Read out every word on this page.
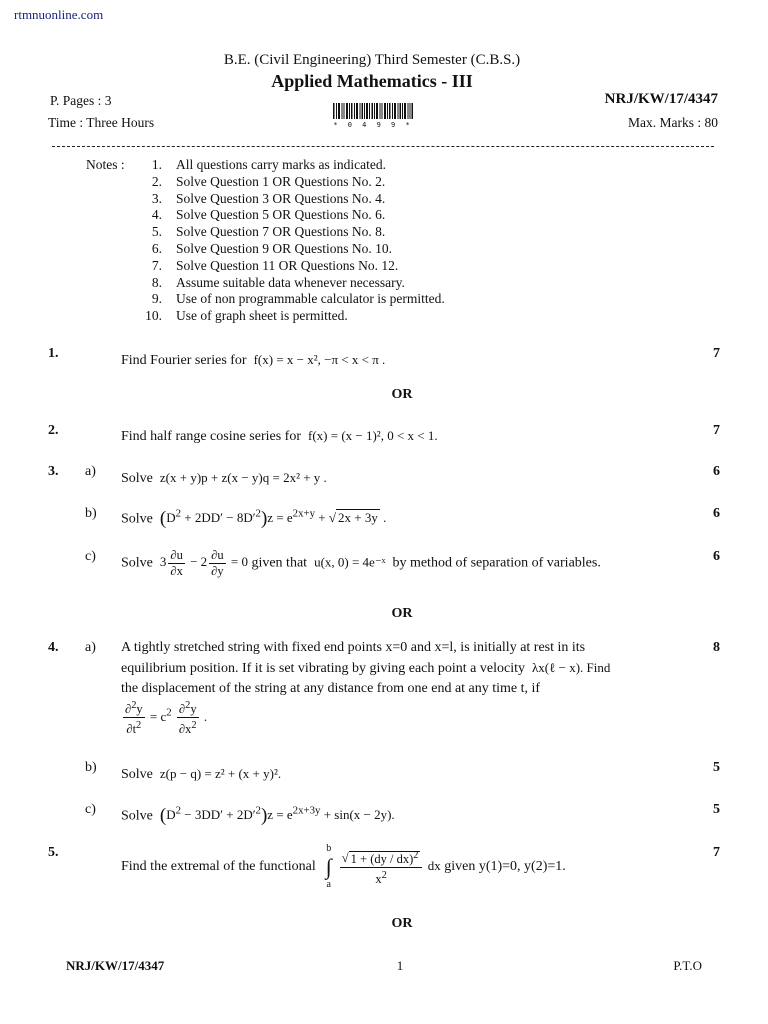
rtmnuonline.com
B.E. (Civil Engineering) Third Semester (C.B.S.)
Applied Mathematics - III
P. Pages : 3	NRJ/KW/17/4347
Time : Three Hours	Max. Marks : 80
* 0 4 9 9 *
Notes :	1. All questions carry marks as indicated.
2. Solve Question 1 OR Questions No. 2.
3. Solve Question 3 OR Questions No. 4.
4. Solve Question 5 OR Questions No. 6.
5. Solve Question 7 OR Questions No. 8.
6. Solve Question 9 OR Questions No. 10.
7. Solve Question 11 OR Questions No. 12.
8. Assume suitable data whenever necessary.
9. Use of non programmable calculator is permitted.
10. Use of graph sheet is permitted.
1.	7
Find Fourier series for f(x) = x − x², −π < x < π .
OR
2.	7
Find half range cosine series for f(x) = (x − 1)², 0 < x < 1.
3. a)	6
Solve z(x + y)p + z(x − y)q = 2x² + y .
b)	6
Solve $(D^2 + 2DD' - 8D'^2)z = e^{2x+y}$ + √ 2x + 3y .
c)	6
Solve $3 \frac{\partial u}{\partial x} - 2 \frac{\partial u}{\partial y} = 0$ given that u(x, 0) = 4e⁻ˣ by method of separation of variables.
OR
4. a)	8
A tightly stretched string with fixed end points x=0 and x=l, is initially at rest in its
equilibrium position. If it is set vibrating by giving each point a velocity λx(ℓ − x). Find
the displacement of the string at any distance from one end at any time t, if
$\frac{\partial^2y}{\partial t^2} = c^2 \frac{\partial^2y}{\partial x^2}$ .
b)	5
Solve z(p − q) = z² + (x + y)².
c)	5
Solve $(D^2 - 3DD' + 2D'^2)z = e^{2x+3y} + \sin(x - 2y)$.
5.	7
Find the extremal of the functional
b
∫
a $\frac{√ 1 + (dy / dx)^2}{x^2}$ dx given y(1)=0, y(2)=1.
OR
NRJ/KW/17/4347	1	P.T.O
